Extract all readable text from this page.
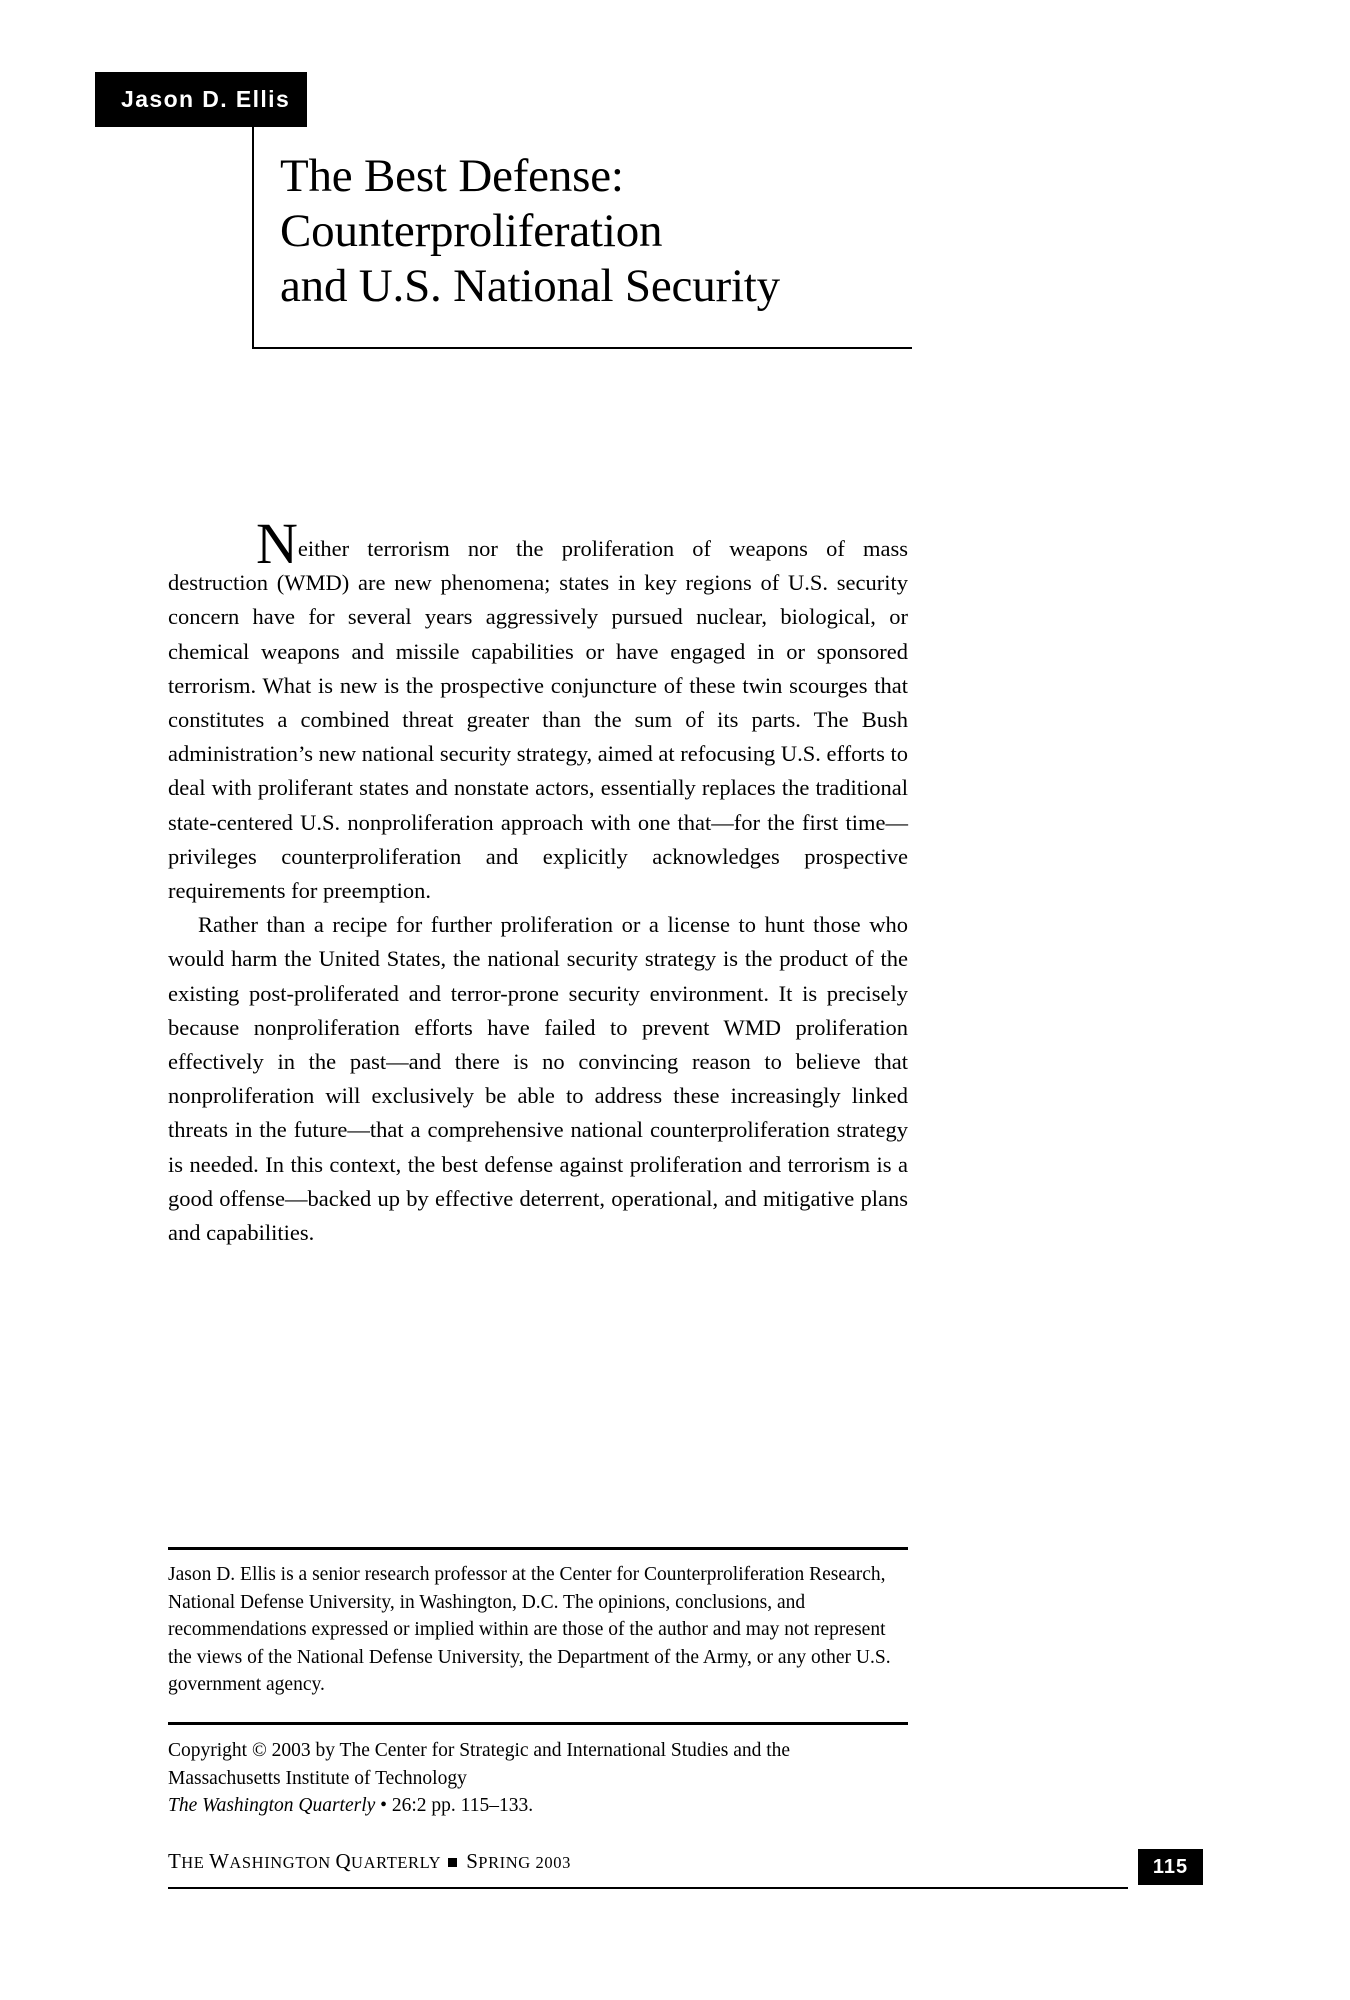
Jason D. Ellis
The Best Defense:
Counterproliferation
and U.S. National Security

Neither terrorism nor the proliferation of weapons of mass destruction (WMD) are new phenomena; states in key regions of U.S. security concern have for several years aggressively pursued nuclear, biological, or chemical weapons and missile capabilities or have engaged in or sponsored terrorism. What is new is the prospective conjuncture of these twin scourges that constitutes a combined threat greater than the sum of its parts. The Bush administration’s new national security strategy, aimed at refocusing U.S. efforts to deal with proliferant states and nonstate actors, essentially replaces the traditional state-centered U.S. nonproliferation approach with one that—for the first time—privileges counterproliferation and explicitly acknowledges prospective requirements for preemption.

Rather than a recipe for further proliferation or a license to hunt those who would harm the United States, the national security strategy is the product of the existing post-proliferated and terror-prone security environment. It is precisely because nonproliferation efforts have failed to prevent WMD proliferation effectively in the past—and there is no convincing reason to believe that nonproliferation will exclusively be able to address these increasingly linked threats in the future—that a comprehensive national counterproliferation strategy is needed. In this context, the best defense against proliferation and terrorism is a good offense—backed up by effective deterrent, operational, and mitigative plans and capabilities.

Jason D. Ellis is a senior research professor at the Center for Counterproliferation Research, National Defense University, in Washington, D.C. The opinions, conclusions, and recommendations expressed or implied within are those of the author and may not represent the views of the National Defense University, the Department of the Army, or any other U.S. government agency.
Copyright © 2003 by The Center for Strategic and International Studies and the
Massachusetts Institute of Technology
The Washington Quarterly • 26:2 pp. 115–133.
THE WASHINGTON QUARTERLY SPRING 2003	115
